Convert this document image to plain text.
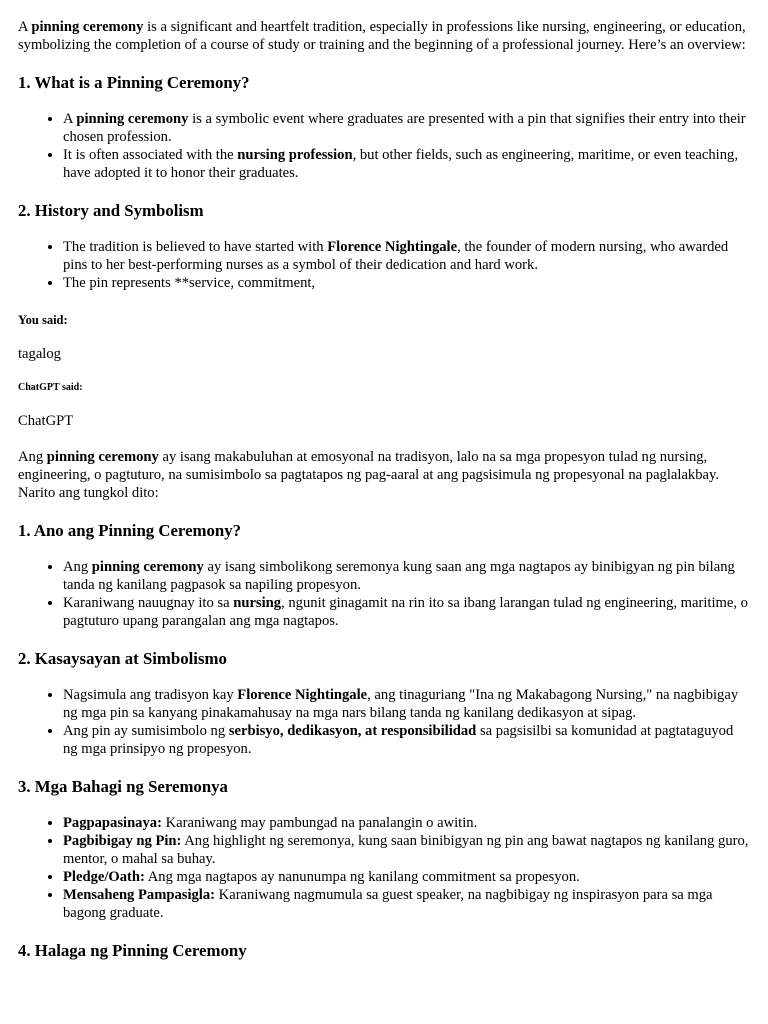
A pinning ceremony is a significant and heartfelt tradition, especially in professions like nursing, engineering, or education, symbolizing the completion of a course of study or training and the beginning of a professional journey. Here’s an overview:

1. What is a Pinning Ceremony?
• A pinning ceremony is a symbolic event where graduates are presented with a pin that signifies their entry into their chosen profession.
• It is often associated with the nursing profession, but other fields, such as engineering, maritime, or even teaching, have adopted it to honor their graduates.
2. History and Symbolism
• The tradition is believed to have started with Florence Nightingale, the founder of modern nursing, who awarded pins to her best-performing nurses as a symbol of their dedication and hard work.
• The pin represents **service, commitment,

You said:

tagalog

ChatGPT said:

ChatGPT

Ang pinning ceremony ay isang makabuluhan at emosyonal na tradisyon, lalo na sa mga propesyon tulad ng nursing, engineering, o pagtuturo, na sumisimbolo sa pagtatapos ng pag-aaral at ang pagsisimula ng propesyonal na paglalakbay. Narito ang tungkol dito:

1. Ano ang Pinning Ceremony?
• Ang pinning ceremony ay isang simbolikong seremonya kung saan ang mga nagtapos ay binibigyan ng pin bilang tanda ng kanilang pagpasok sa napiling propesyon.
• Karaniwang nauugnay ito sa nursing, ngunit ginagamit na rin ito sa ibang larangan tulad ng engineering, maritime, o pagtuturo upang parangalan ang mga nagtapos.
2. Kasaysayan at Simbolismo
• Nagsimula ang tradisyon kay Florence Nightingale, ang tinaguriang "Ina ng Makabagong Nursing," na nagbibigay ng mga pin sa kanyang pinakamahusay na mga nars bilang tanda ng kanilang dedikasyon at sipag.
• Ang pin ay sumisimbolo ng serbisyo, dedikasyon, at responsibilidad sa pagsisilbi sa komunidad at pagtataguyod ng mga prinsipyo ng propesyon.
3. Mga Bahagi ng Seremonya
• Pagpapasinaya: Karaniwang may pambungad na panalangin o awitin.
• Pagbibigay ng Pin: Ang highlight ng seremonya, kung saan binibigyan ng pin ang bawat nagtapos ng kanilang guro, mentor, o mahal sa buhay.
• Pledge/Oath: Ang mga nagtapos ay nanunumpa ng kanilang commitment sa propesyon.
• Mensaheng Pampasigla: Karaniwang nagmumula sa guest speaker, na nagbibigay ng inspirasyon para sa mga bagong graduate.
4. Halaga ng Pinning Ceremony
